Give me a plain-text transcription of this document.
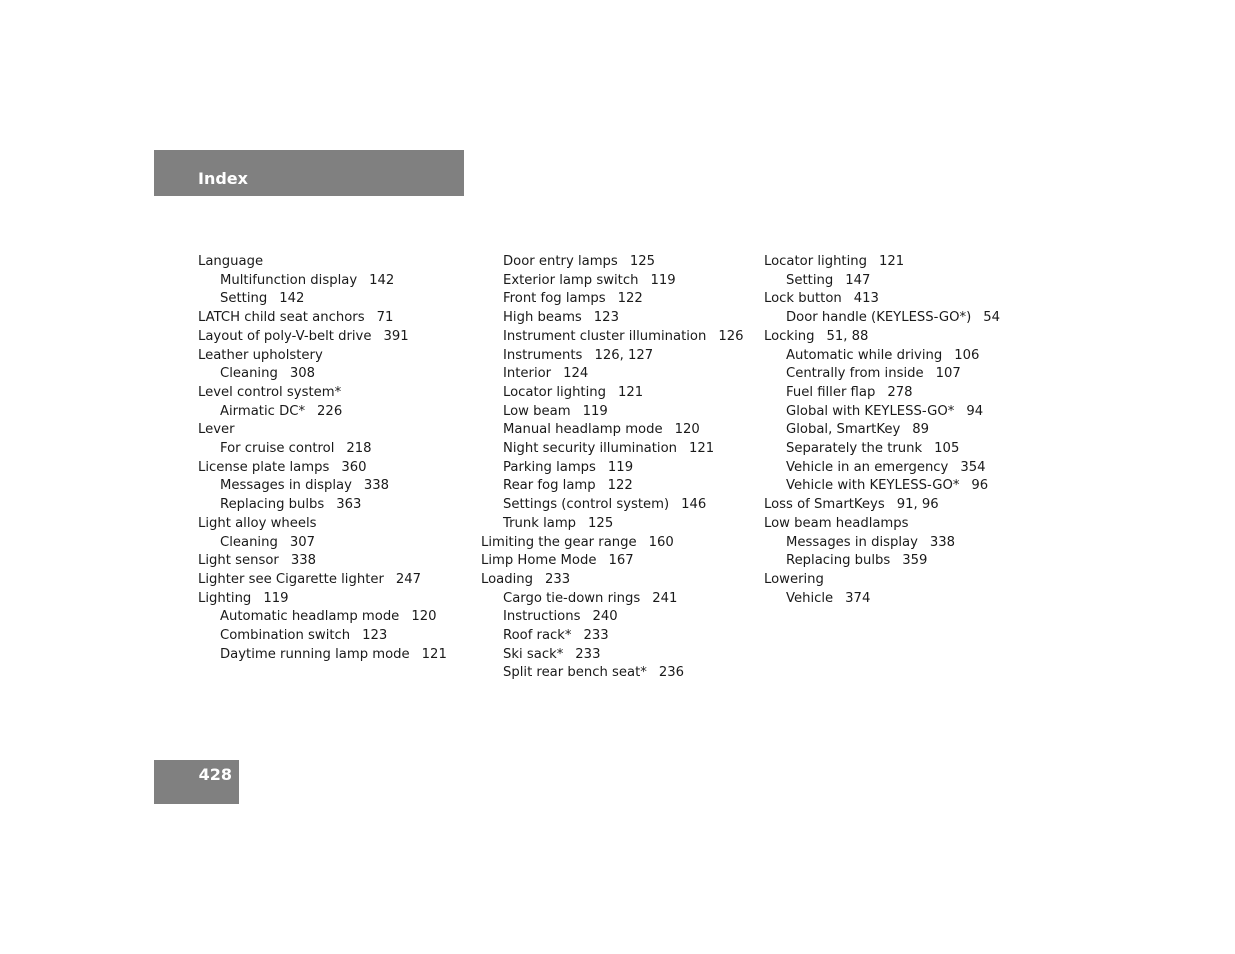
Index
Language
Multifunction display 142
Setting 142
LATCH child seat anchors 71
Layout of poly-V-belt drive 391
Leather upholstery
Cleaning 308
Level control system*
Airmatic DC* 226
Lever
For cruise control 218
License plate lamps 360
Messages in display 338
Replacing bulbs 363
Light alloy wheels
Cleaning 307
Light sensor 338
Lighter see Cigarette lighter 247
Lighting 119
Automatic headlamp mode 120
Combination switch 123
Daytime running lamp mode 121
Door entry lamps 125
Exterior lamp switch 119
Front fog lamps 122
High beams 123
Instrument cluster illumination 126
Instruments 126, 127
Interior 124
Locator lighting 121
Low beam 119
Manual headlamp mode 120
Night security illumination 121
Parking lamps 119
Rear fog lamp 122
Settings (control system) 146
Trunk lamp 125
Limiting the gear range 160
Limp Home Mode 167
Loading 233
Cargo tie-down rings 241
Instructions 240
Roof rack* 233
Ski sack* 233
Split rear bench seat* 236
Locator lighting 121
Setting 147
Lock button 413
Door handle (KEYLESS-GO*) 54
Locking 51, 88
Automatic while driving 106
Centrally from inside 107
Fuel filler flap 278
Global with KEYLESS-GO* 94
Global, SmartKey 89
Separately the trunk 105
Vehicle in an emergency 354
Vehicle with KEYLESS-GO* 96
Loss of SmartKeys 91, 96
Low beam headlamps
Messages in display 338
Replacing bulbs 359
Lowering
Vehicle 374
428
